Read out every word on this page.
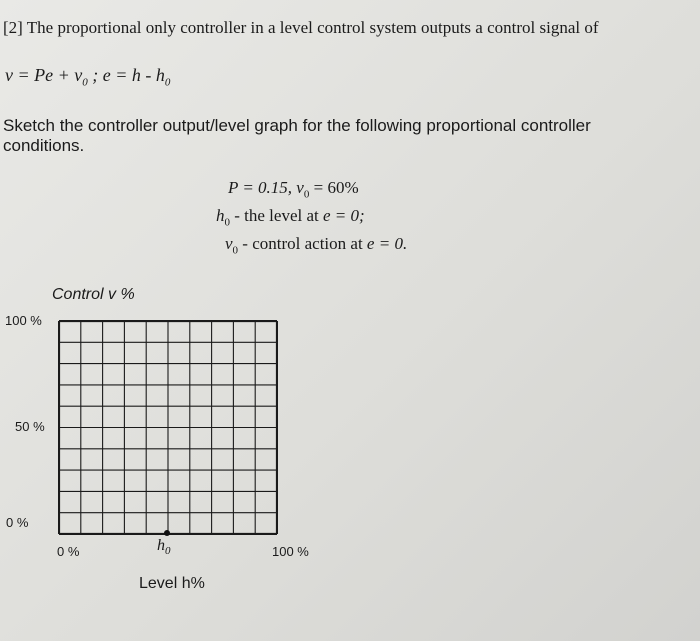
[2] The proportional only controller in a level control system outputs a control signal of
$v = Pe + v_0$ ; $e = h - h_0$
Sketch the controller output/level graph for the following proportional controller conditions.
P = 0.15, $v_0 = 60\%$
$h_0$ - the level at e = 0;
$v_0$ - control action at e = 0.
Control v %
100 %
50 %
0 %
0 %	$h_0$	100 %
Level h%
